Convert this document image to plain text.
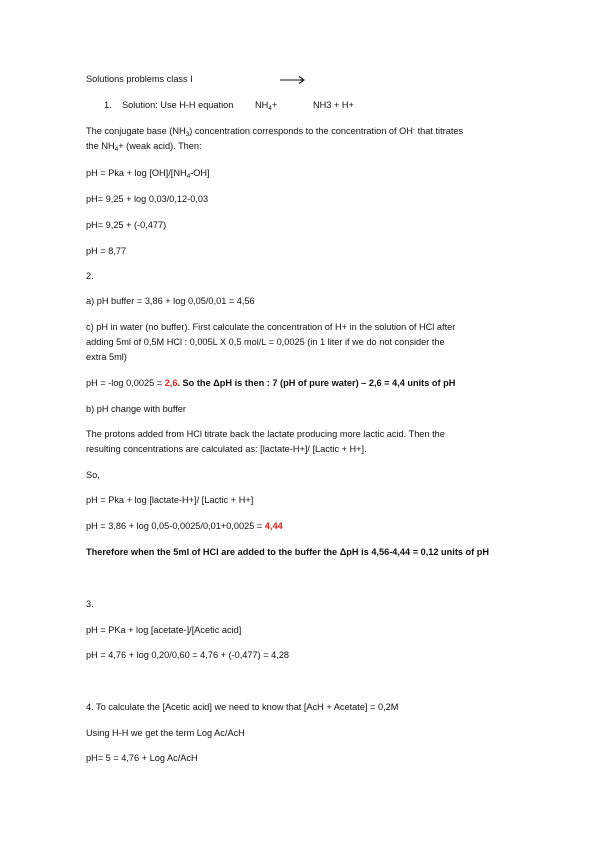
Solutions problems class I
1. Solution: Use H-H equation $NH_4+$	NH3 + H+
The conjugate base $(NH_3)$ concentration corresponds to the concentration of OH- that titrates
the $NH_4+$ (weak acid). Then:
pH = Pka + $\log [OH]/[NH_4-OH]$
pH= 9,25 + log 0,03/0,12-0,03
pH= 9,25 + (-0,477)
pH = 8,77
2.
a) pH buffer = 3,86 + log 0,05/0,01 = 4,56
c) pH in water (no buffer). First calculate the concentration of H+ in the solution of HCl after
adding 5ml of 0,5M HCl : 0,005L X 0,5 mol/L = 0,0025 (in 1 liter if we do not consider the
extra 5ml)
pH = -log 0,0025 = 2,6. So the ΔpH is then : 7 (pH of pure water) – 2,6 = 4,4 units of pH
b) pH change with buffer
The protons added from HCl titrate back the lactate producing more lactic acid. Then the
resulting concentrations are calculated as: [lactate-H+]/ [Lactic + H+].
So,
pH = Pka + log [lactate-H+]/ [Lactic + H+]
pH = 3,86 + log 0,05-0,0025/0,01+0,0025 = 4,44
Therefore when the 5ml of HCl are added to the buffer the ΔpH is 4,56-4,44 = 0,12 units of pH
3.
pH = PKa + log [acetate-]/[Acetic acid]
pH = 4,76 + log 0,20/0,60 = 4,76 + (-0,477) = 4,28
4. To calculate the [Acetic acid] we need to know that [AcH + Acetate] = 0,2M
Using H-H we get the term Log Ac/AcH
pH= 5 = 4,76 + Log Ac/AcH
